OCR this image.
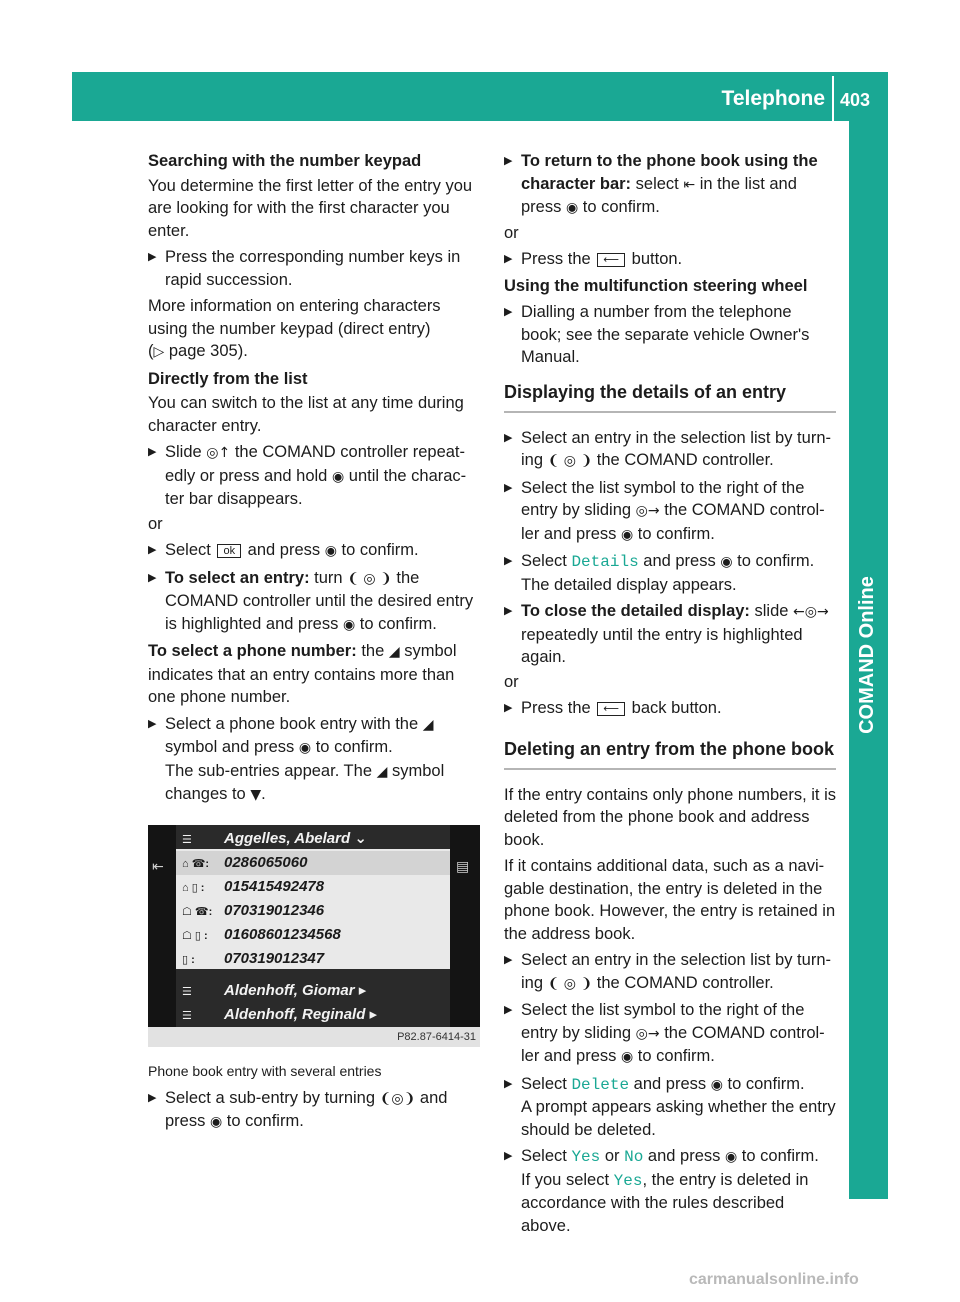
Telephone 403
COMAND Online

Searching with the number keypad

You determine the first letter of the entry you are looking for with the first character you enter.

▶ Press the corresponding number keys in rapid succession.

More information on entering characters using the number keypad (direct entry)
(▷ page 305).

Directly from the list

You can switch to the list at any time during character entry.

▶ Slide ◎↑ the COMAND controller repeat-edly or press and hold ◉ until the charac-ter bar disappears.

or

▶ Select ok and press ◉ to confirm.
▶ To select an entry: turn ❨ ◎ ❩ the COMAND controller until the desired entry is highlighted and press ◉ to confirm.

To select a phone number: the ◢ symbol indicates that an entry contains more than one phone number.

▶ Select a phone book entry with the ◢ symbol and press ◉ to confirm.
The sub-entries appear. The ◢ symbol changes to ▼.
⇤	▤
☰ Aggelles, Abelard ⌄
⌂ ☎: 0286065060
⌂ ▯ : 015415492478
☖ ☎: 070319012346
☖ ▯ : 01608601234568
▯ : 070319012347
☰ Aldenhoff, Giomar ▸
☰ Aldenhoff, Reginald ▸
P82.87-6414-31

Phone book entry with several entries

▶ Select a sub-entry by turning ❨◎❩ and press ◉ to confirm.
▶ To return to the phone book using the character bar: select ⇤ in the list and press ◉ to confirm.

or

▶ Press the ⟵ button.

Using the multifunction steering wheel

▶ Dialling a number from the telephone book; see the separate vehicle Owner's Manual.
Displaying the details of an entry
▶ Select an entry in the selection list by turn-ing ❨ ◎ ❩ the COMAND controller.
▶ Select the list symbol to the right of the entry by sliding ◎→ the COMAND control-ler and press ◉ to confirm.
▶ Select Details and press ◉ to confirm.
The detailed display appears.
▶ To close the detailed display: slide ←◎→ repeatedly until the entry is highlighted again.

or

▶ Press the ⟵ back button.
Deleting an entry from the phone book

If the entry contains only phone numbers, it is deleted from the phone book and address book.

If it contains additional data, such as a navi-gable destination, the entry is deleted in the phone book. However, the entry is retained in the address book.

▶ Select an entry in the selection list by turn-ing ❨ ◎ ❩ the COMAND controller.
▶ Select the list symbol to the right of the entry by sliding ◎→ the COMAND control-ler and press ◉ to confirm.
▶ Select Delete and press ◉ to confirm.
A prompt appears asking whether the entry should be deleted.
▶ Select Yes or No and press ◉ to confirm.
If you select Yes, the entry is deleted in accordance with the rules described above.
carmanualsonline.info
